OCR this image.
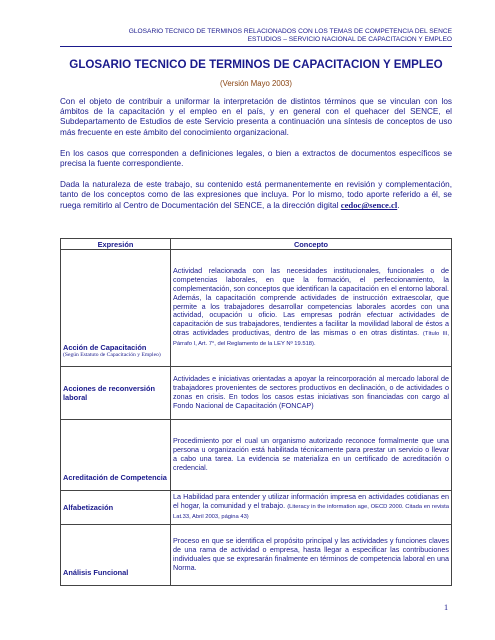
GLOSARIO TECNICO DE TERMINOS RELACIONADOS CON LOS TEMAS DE COMPETENCIA DEL SENCE
ESTUDIOS – SERVICIO NACIONAL DE CAPACITACION Y EMPLEO
GLOSARIO TECNICO DE TERMINOS DE CAPACITACION Y EMPLEO
(Versión Mayo 2003)
Con el objeto de contribuir a uniformar la interpretación de distintos términos que se vinculan con los ámbitos de la capacitación y el empleo en el país, y en general con el quehacer del SENCE, el Subdepartamento de Estudios de este Servicio presenta a continuación una síntesis de conceptos de uso más frecuente en este ámbito del conocimiento organizacional.
En los casos que corresponden a definiciones legales, o bien a extractos de documentos específicos se precisa la fuente correspondiente.
Dada la naturaleza de este trabajo, su contenido está permanentemente en revisión y complementación, tanto de los conceptos como de las expresiones que incluya. Por lo mismo, todo aporte referido a él, se ruega remitirlo al Centro de Documentación del SENCE, a la dirección digital cedoc@sence.cl.
Expresión	Concepto

Acción de Capacitación
(Según Estatuto de Capacitación y Empleo)	Actividad relacionada con las necesidades institucionales, funcionales o de competencias laborales, en que la formación, el perfeccionamiento, la complementación, son conceptos que identifican la capacitación en el entorno laboral. Además, la capacitación comprende actividades de instrucción extraescolar, que permite a los trabajadores desarrollar competencias laborales acordes con una actividad, ocupación u oficio. Las empresas podrán efectuar actividades de capacitación de sus trabajadores, tendientes a facilitar la movilidad laboral de éstos a otras actividades productivas, dentro de las mismas o en otras distintas. (Título III, Párrafo I, Art. 7°, del Reglamento de la LEY Nº 19.518).

Acciones de reconversión laboral	Actividades e iniciativas orientadas a apoyar la reincorporación al mercado laboral de trabajadores provenientes de sectores productivos en declinación, o de actividades o zonas en crisis. En todos los casos estas iniciativas son financiadas con cargo al Fondo Nacional de Capacitación (FONCAP)

Acreditación de Competencia	Procedimiento por el cual un organismo autorizado reconoce formalmente que una persona u organización está habilitada técnicamente para prestar un servicio o llevar a cabo una tarea. La evidencia se materializa en un certificado de acreditación o credencial.

Alfabetización	La Habilidad para entender y utilizar información impresa en actividades cotidianas en el hogar, la comunidad y el trabajo. (Literacy in the information age, OECD 2000. Citada en revista Lat.33, Abril 2003, página 43)

Análisis Funcional	Proceso en que se identifica el propósito principal y las actividades y funciones claves de una rama de actividad o empresa, hasta llegar a especificar las contribuciones individuales que se expresarán finalmente en términos de competencia laboral en una Norma.
1
